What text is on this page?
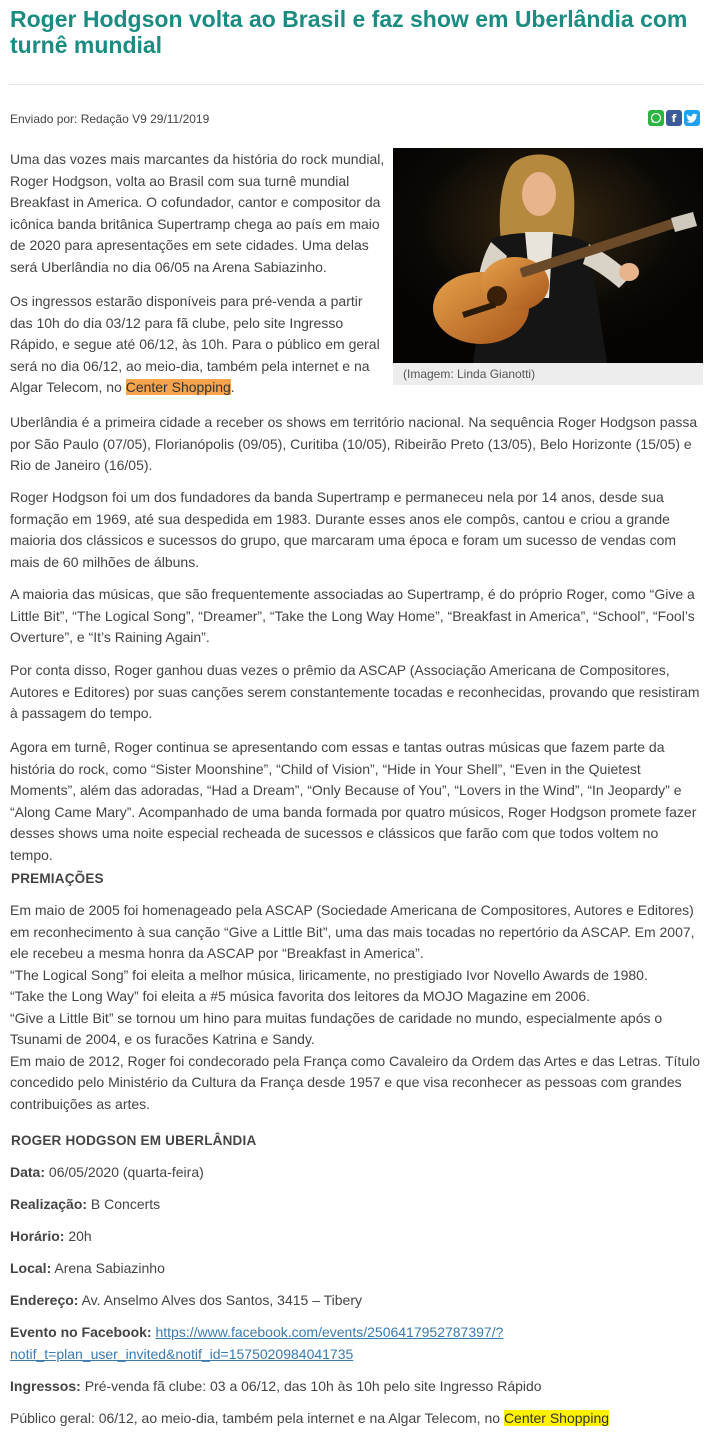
Roger Hodgson volta ao Brasil e faz show em Uberlândia com turnê mundial
Enviado por: Redação V9 29/11/2019	f
(Imagem: Linda Gianotti)

Uma das vozes mais marcantes da história do rock mundial, Roger Hodgson, volta ao Brasil com sua turnê mundial Breakfast in America. O cofundador, cantor e compositor da icônica banda britânica Supertramp chega ao país em maio de 2020 para apresentações em sete cidades. Uma delas será Uberlândia no dia 06/05 na Arena Sabiazinho.

Os ingressos estarão disponíveis para pré-venda a partir das 10h do dia 03/12 para fã clube, pelo site Ingresso Rápido, e segue até 06/12, às 10h. Para o público em geral será no dia 06/12, ao meio-dia, também pela internet e na Algar Telecom, no Center Shopping.

Uberlândia é a primeira cidade a receber os shows em território nacional. Na sequência Roger Hodgson passa por São Paulo (07/05), Florianópolis (09/05), Curitiba (10/05), Ribeirão Preto (13/05), Belo Horizonte (15/05) e Rio de Janeiro (16/05).

Roger Hodgson foi um dos fundadores da banda Supertramp e permaneceu nela por 14 anos, desde sua formação em 1969, até sua despedida em 1983. Durante esses anos ele compôs, cantou e criou a grande maioria dos clássicos e sucessos do grupo, que marcaram uma época e foram um sucesso de vendas com mais de 60 milhões de álbuns.

A maioria das músicas, que são frequentemente associadas ao Supertramp, é do próprio Roger, como “Give a Little Bit”, “The Logical Song”, “Dreamer”, “Take the Long Way Home”, “Breakfast in America”, “School”, “Fool’s Overture”, e “It’s Raining Again”.

Por conta disso, Roger ganhou duas vezes o prêmio da ASCAP (Associação Americana de Compositores, Autores e Editores) por suas canções serem constantemente tocadas e reconhecidas, provando que resistiram à passagem do tempo.

Agora em turnê, Roger continua se apresentando com essas e tantas outras músicas que fazem parte da história do rock, como “Sister Moonshine”, “Child of Vision”, “Hide in Your Shell”, “Even in the Quietest Moments”, além das adoradas, “Had a Dream”, “Only Because of You”, “Lovers in the Wind”, “In Jeopardy” e “Along Came Mary”. Acompanhado de uma banda formada por quatro músicos, Roger Hodgson promete fazer desses shows uma noite especial recheada de sucessos e clássicos que farão com que todos voltem no tempo.

PREMIAÇÕES
Em maio de 2005 foi homenageado pela ASCAP (Sociedade Americana de Compositores, Autores e Editores) em reconhecimento à sua canção “Give a Little Bit”, uma das mais tocadas no repertório da ASCAP. Em 2007, ele recebeu a mesma honra da ASCAP por “Breakfast in America”.
“The Logical Song” foi eleita a melhor música, liricamente, no prestigiado Ivor Novello Awards de 1980.
“Take the Long Way” foi eleita a #5 música favorita dos leitores da MOJO Magazine em 2006.
“Give a Little Bit” se tornou um hino para muitas fundações de caridade no mundo, especialmente após o Tsunami de 2004, e os furacões Katrina e Sandy.
Em maio de 2012, Roger foi condecorado pela França como Cavaleiro da Ordem das Artes e das Letras. Título concedido pelo Ministério da Cultura da França desde 1957 e que visa reconhecer as pessoas com grandes contribuições as artes.
ROGER HODGSON EM UBERLÂNDIA
Data: 06/05/2020 (quarta-feira)
Realização: B Concerts
Horário: 20h
Local: Arena Sabiazinho
Endereço: Av. Anselmo Alves dos Santos, 3415 – Tibery
Evento no Facebook: https://www.facebook.com/events/2506417952787397/?
notif_t=plan_user_invited&notif_id=1575020984041735
Ingressos: Pré-venda fã clube: 03 a 06/12, das 10h às 10h pelo site Ingresso Rápido
Público geral: 06/12, ao meio-dia, também pela internet e na Algar Telecom, no Center Shopping
